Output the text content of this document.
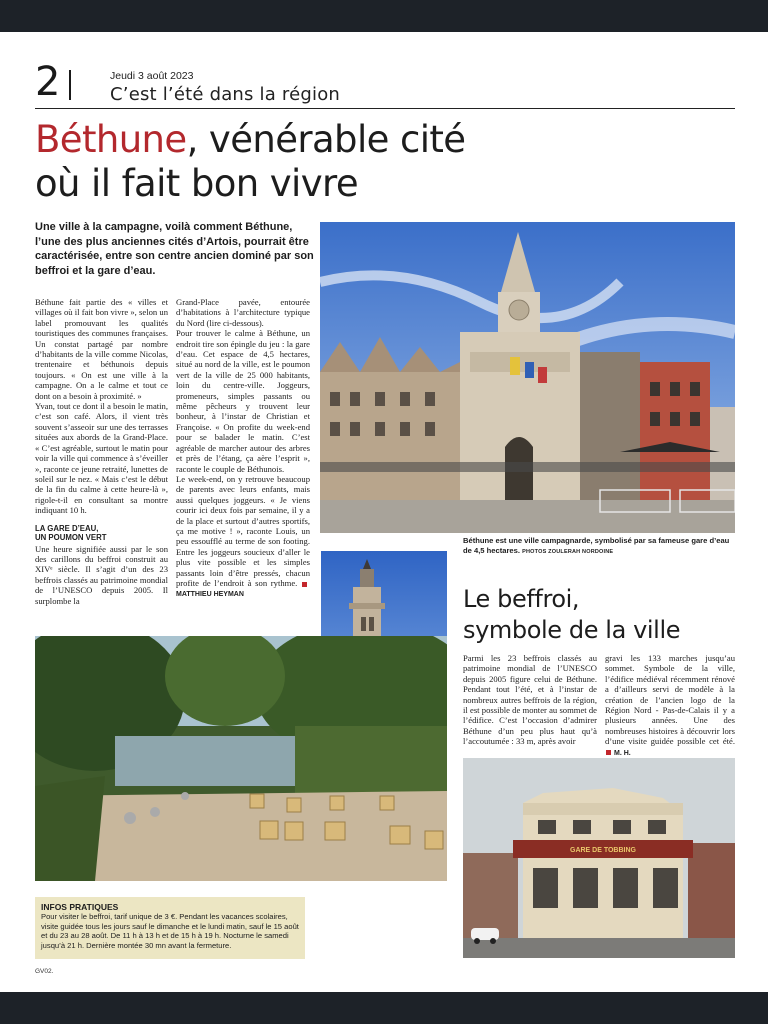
2	Jeudi 3 août 2023
C’est l’été dans la région
Béthune, vénérable cité
où il fait bon vivre
Une ville à la campagne, voilà comment Béthune, l’une des plus anciennes cités d’Artois, pourrait être caractérisée, entre son centre ancien dominé par son beffroi et la gare d’eau.

Béthune fait partie des « villes et villages où il fait bon vivre », selon un label promouvant les qualités touristiques des communes françaises. Un constat partagé par nombre d’habitants de la ville comme Nicolas, trentenaire et béthunois depuis toujours. « On est une ville à la campagne. On a le calme et tout ce dont on a besoin à proximité. »

Yvan, tout ce dont il a besoin le matin, c’est son café. Alors, il vient très souvent s’asseoir sur une des terrasses situées aux abords de la Grand-Place. « C’est agréable, surtout le matin pour voir la ville qui commence à s’éveiller », raconte ce jeune retraité, lunettes de soleil sur le nez. « Mais c’est le début de la fin du calme à cette heure-là », rigole-t-il en consultant sa montre indiquant 10 h.

LA GARE D’EAU,
UN POUMON VERT

Une heure signifiée aussi par le son des carillons du beffroi construit au XIVᵉ siècle. Il s’agit d’un des 23 beffrois classés au patrimoine mondial de l’UNESCO depuis 2005. Il surplombe la

Grand-Place pavée, entourée d’habitations à l’architecture typique du Nord (lire ci-dessous).

Pour trouver le calme à Béthune, un endroit tire son épingle du jeu : la gare d’eau. Cet espace de 4,5 hectares, situé au nord de la ville, est le poumon vert de la ville de 25 000 habitants, loin du centre-ville. Joggeurs, promeneurs, simples passants ou même pêcheurs y trouvent leur bonheur, à l’instar de Christian et Françoise. « On profite du week-end pour se balader le matin. C’est agréable de marcher autour des arbres et près de l’étang, ça aère l’esprit », raconte le couple de Béthunois.

Le week-end, on y retrouve beaucoup de parents avec leurs enfants, mais aussi quelques joggeurs. « Je viens courir ici deux fois par semaine, il y a de la place et surtout d’autres sportifs, ça me motive ! », raconte Louis, un peu essoufflé au terme de son footing. Entre les joggeurs soucieux d’aller le plus vite possible et les simples passants loin d’être pressés, chacun profite de l’endroit à son rythme. MATTHIEU HEYMAN

Béthune est une ville campagnarde, symbolisé par sa fameuse gare d’eau de 4,5 hectares. PHOTOS ZOULERAH NORDOINE
Le beffroi,
symbole de la ville

Parmi les 23 beffrois classés au patrimoine mondial de l’UNESCO depuis 2005 figure celui de Béthune. Pendant tout l’été, et à l’instar de nombreux autres beffrois de la région, il est possible de monter au sommet de l’édifice. C’est l’occasion d’admirer Béthune d’un peu plus haut qu’à l’accoutumée : 33 m, après avoir

gravi les 133 marches jusqu’au sommet. Symbole de la ville, l’édifice médiéval récemment rénové a d’ailleurs servi de modèle à la création de l’ancien logo de la Région Nord - Pas-de-Calais il y a plusieurs années. Une des nombreuses histoires à découvrir lors d’une visite guidée possible cet été. M. H.

GARE DE TOBBING
INFOS PRATIQUES
Pour visiter le beffroi, tarif unique de 3 €. Pendant les vacances scolaires, visite guidée tous les jours sauf le dimanche et le lundi matin, sauf le 15 août et du 23 au 28 août. De 11 h à 13 h et de 15 h à 19 h. Nocturne le samedi jusqu’à 21 h. Dernière montée 30 mn avant la fermeture.
GV02.
